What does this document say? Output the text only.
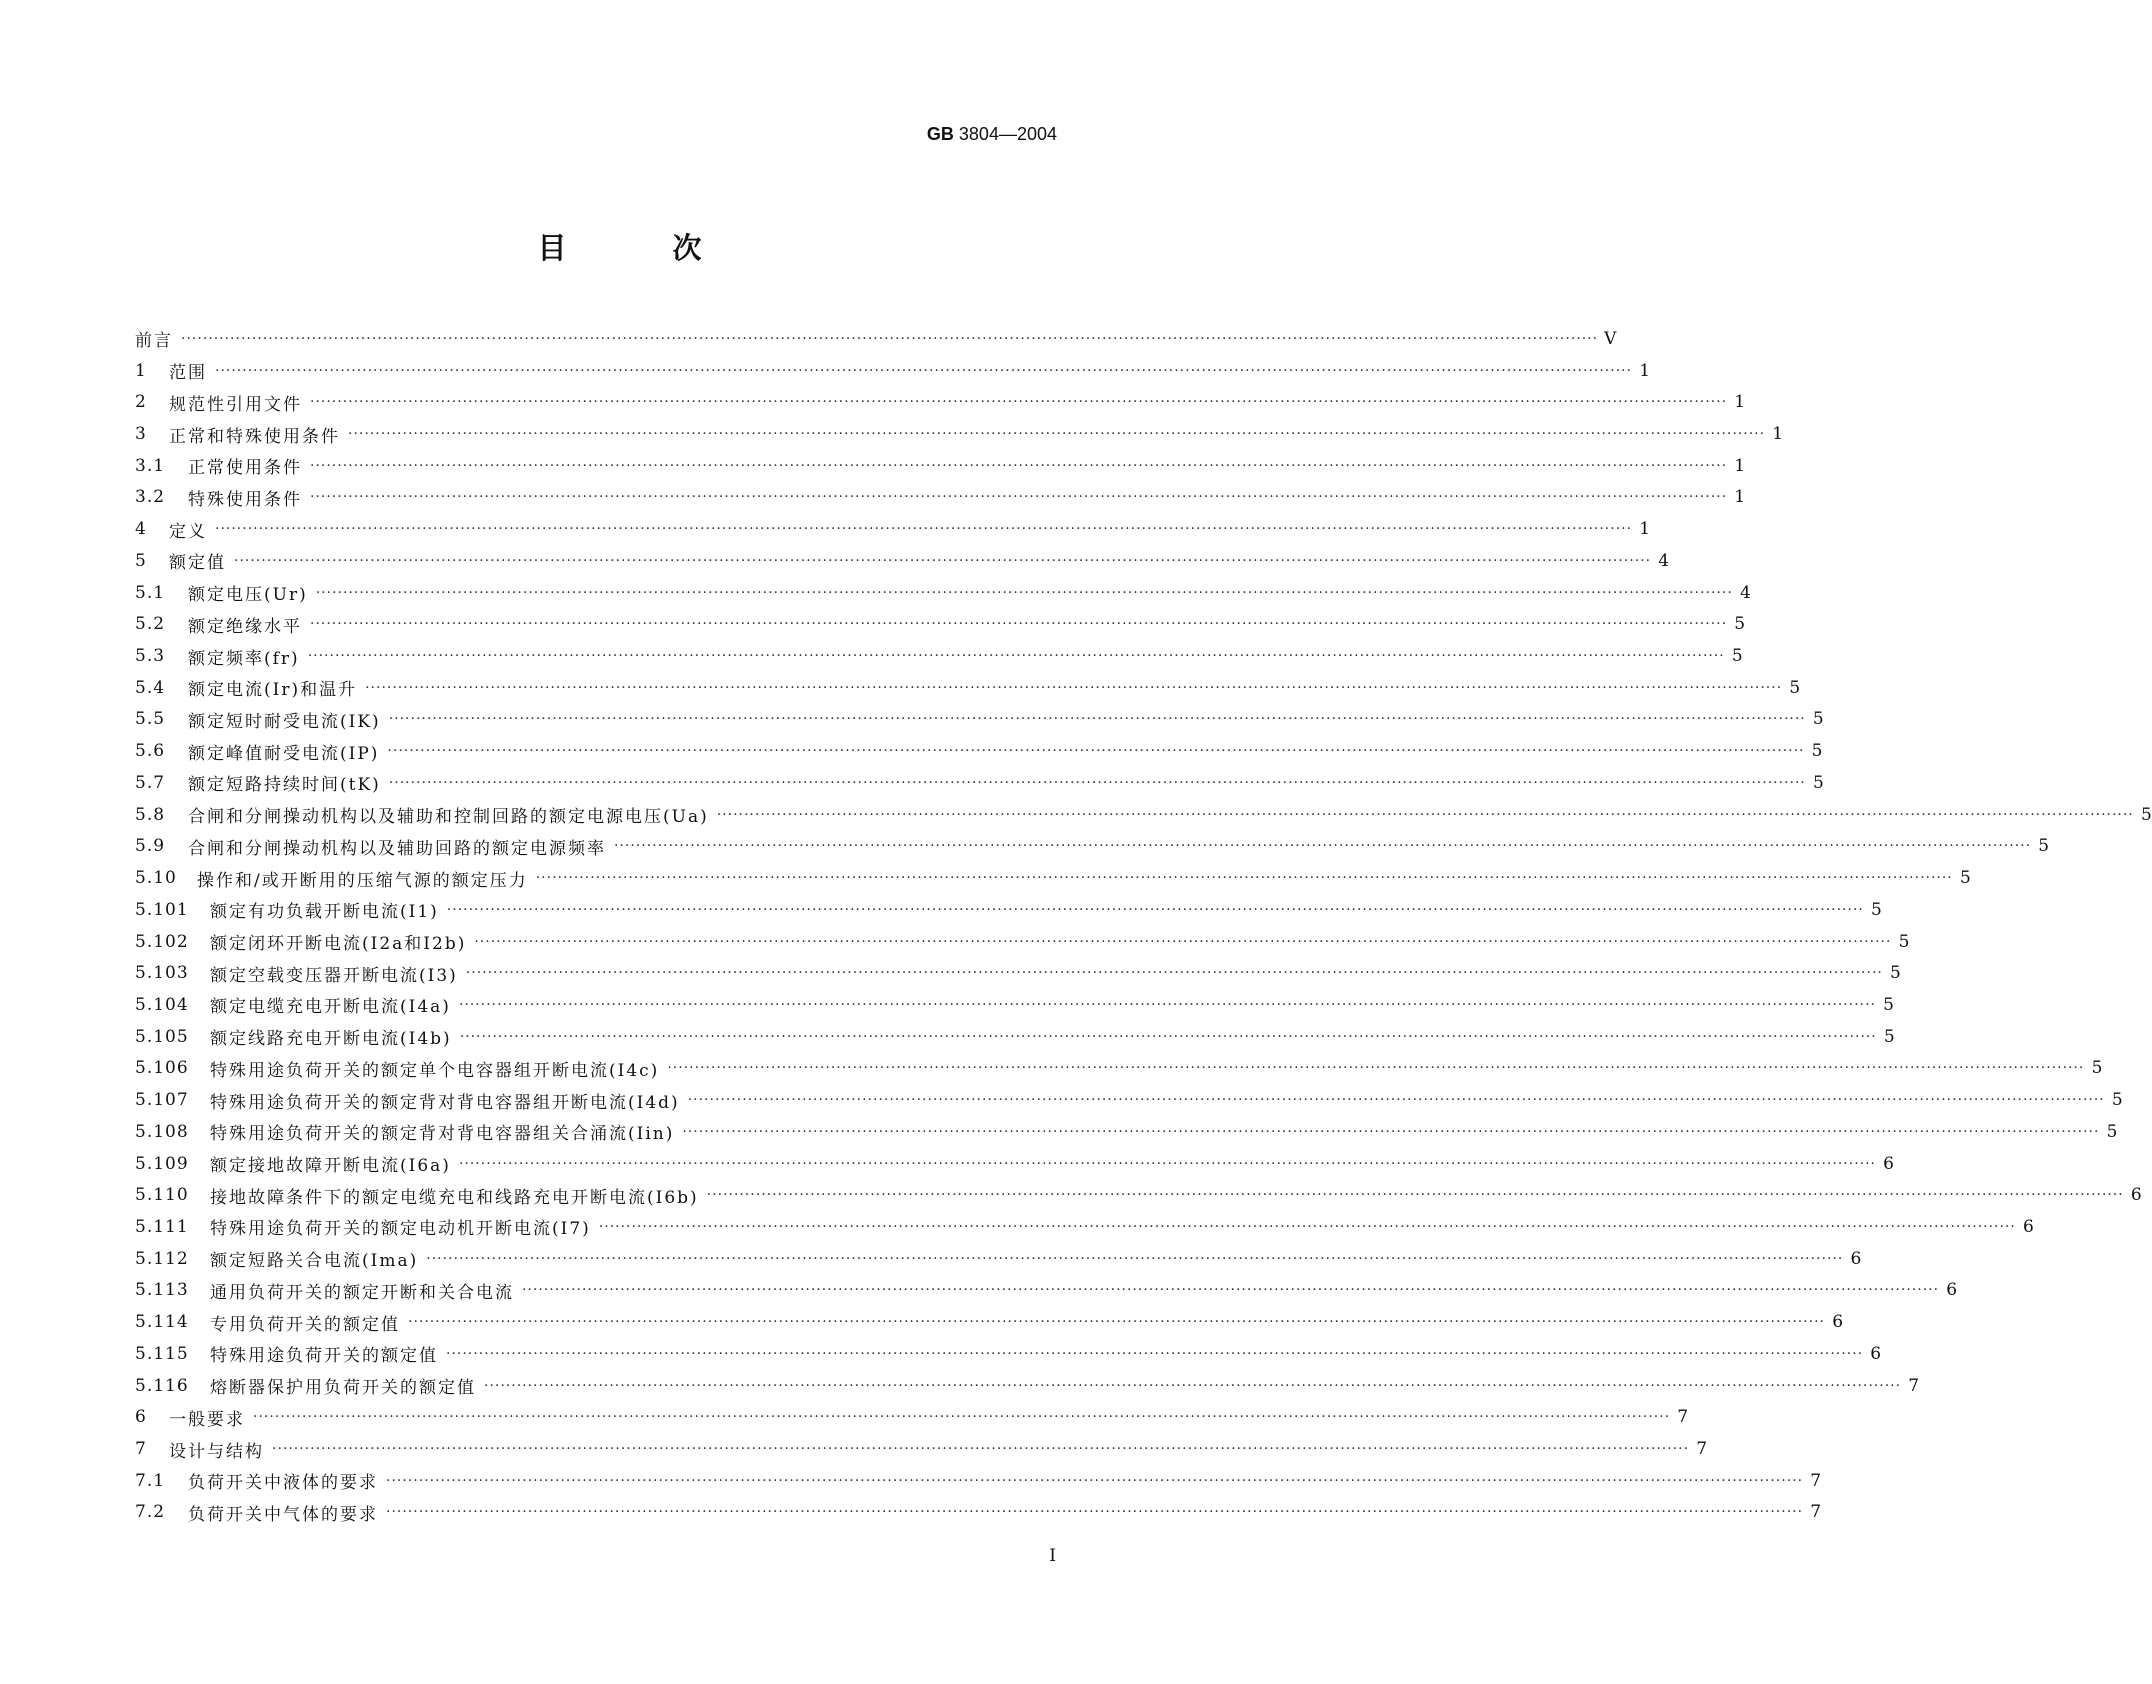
GB 3804—2004
目 次
前言 ···································································································································································································································································· V
1	范围 ···································································································································································································································································· 1
2	规范性引用文件 ···································································································································································································································································· 1
3	正常和特殊使用条件 ···································································································································································································································································· 1
3.1	正常使用条件 ···································································································································································································································································· 1
3.2	特殊使用条件 ···································································································································································································································································· 1
4	定义 ···································································································································································································································································· 1
5	额定值 ···································································································································································································································································· 4
5.1	额定电压(Ur) ···································································································································································································································································· 4
5.2	额定绝缘水平 ···································································································································································································································································· 5
5.3	额定频率(fr) ···································································································································································································································································· 5
5.4	额定电流(Ir)和温升 ···································································································································································································································································· 5
5.5	额定短时耐受电流(IK) ···································································································································································································································································· 5
5.6	额定峰值耐受电流(IP) ···································································································································································································································································· 5
5.7	额定短路持续时间(tK) ···································································································································································································································································· 5
5.8	合闸和分闸操动机构以及辅助和控制回路的额定电源电压(Ua) ···································································································································································································································································· 5
5.9	合闸和分闸操动机构以及辅助回路的额定电源频率 ···································································································································································································································································· 5
5.10	操作和/或开断用的压缩气源的额定压力 ···································································································································································································································································· 5
5.101	额定有功负载开断电流(I1) ···································································································································································································································································· 5
5.102	额定闭环开断电流(I2a和I2b) ···································································································································································································································································· 5
5.103	额定空载变压器开断电流(I3) ···································································································································································································································································· 5
5.104	额定电缆充电开断电流(I4a) ···································································································································································································································································· 5
5.105	额定线路充电开断电流(I4b) ···································································································································································································································································· 5
5.106	特殊用途负荷开关的额定单个电容器组开断电流(I4c) ···································································································································································································································································· 5
5.107	特殊用途负荷开关的额定背对背电容器组开断电流(I4d) ···································································································································································································································································· 5
5.108	特殊用途负荷开关的额定背对背电容器组关合涌流(Iin) ···································································································································································································································································· 5
5.109	额定接地故障开断电流(I6a) ···································································································································································································································································· 6
5.110	接地故障条件下的额定电缆充电和线路充电开断电流(I6b) ···································································································································································································································································· 6
5.111	特殊用途负荷开关的额定电动机开断电流(I7) ···································································································································································································································································· 6
5.112	额定短路关合电流(Ima) ···································································································································································································································································· 6
5.113	通用负荷开关的额定开断和关合电流 ···································································································································································································································································· 6
5.114	专用负荷开关的额定值 ···································································································································································································································································· 6
5.115	特殊用途负荷开关的额定值 ···································································································································································································································································· 6
5.116	熔断器保护用负荷开关的额定值 ···································································································································································································································································· 7
6	一般要求 ···································································································································································································································································· 7
7	设计与结构 ···································································································································································································································································· 7
7.1	负荷开关中液体的要求 ···································································································································································································································································· 7
7.2	负荷开关中气体的要求 ···································································································································································································································································· 7
I
